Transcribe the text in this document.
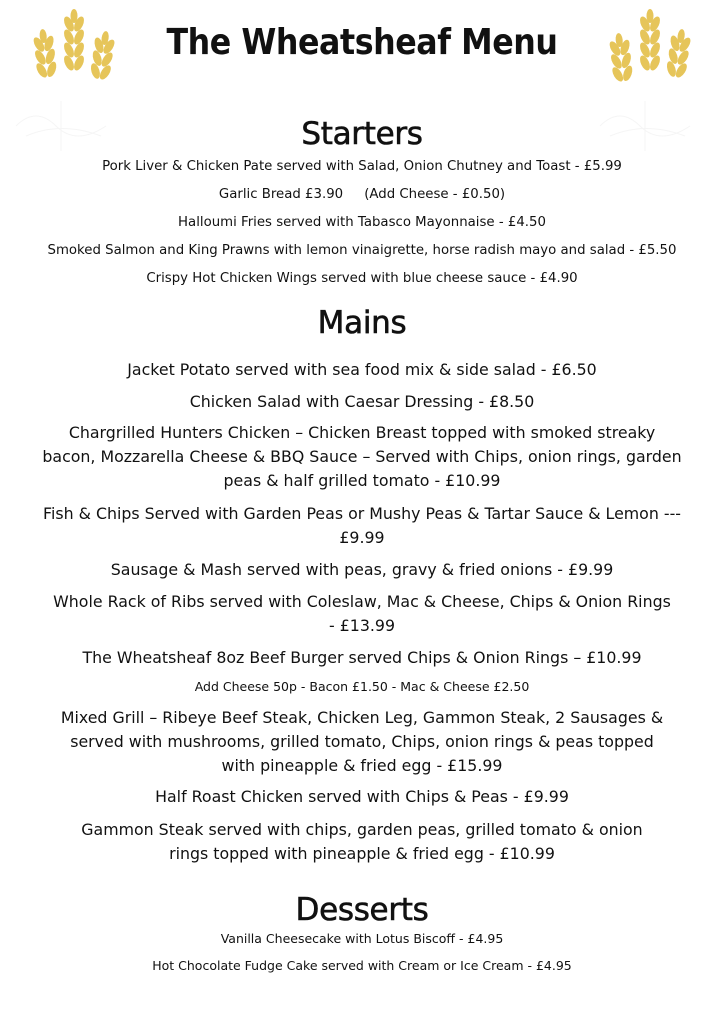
The Wheatsheaf Menu
Starters
Pork Liver & Chicken Pate served with Salad, Onion Chutney and Toast - £5.99
Garlic Bread £3.90     (Add Cheese - £0.50)
Halloumi Fries served with Tabasco Mayonnaise - £4.50
Smoked Salmon and King Prawns with lemon vinaigrette, horse radish mayo and salad - £5.50
Crispy Hot Chicken Wings served with blue cheese sauce - £4.90
Mains
Jacket Potato served with sea food mix & side salad - £6.50
Chicken Salad with Caesar Dressing - £8.50
Chargrilled Hunters Chicken – Chicken Breast topped with smoked streaky bacon, Mozzarella Cheese & BBQ Sauce – Served with Chips, onion rings, garden peas & half grilled tomato - £10.99
Fish & Chips Served with Garden Peas or Mushy Peas & Tartar Sauce & Lemon --- £9.99
Sausage & Mash served with peas, gravy & fried onions - £9.99
Whole Rack of Ribs served with Coleslaw, Mac & Cheese, Chips & Onion Rings - £13.99
The Wheatsheaf 8oz Beef Burger served Chips & Onion Rings – £10.99
Add Cheese 50p - Bacon £1.50 - Mac & Cheese £2.50
Mixed Grill – Ribeye Beef Steak, Chicken Leg, Gammon Steak, 2 Sausages & served with mushrooms, grilled tomato, Chips, onion rings & peas topped with pineapple & fried egg - £15.99
Half Roast Chicken served with Chips & Peas - £9.99
Gammon Steak served with chips, garden peas, grilled tomato & onion rings topped with pineapple & fried egg - £10.99
Desserts
Vanilla Cheesecake with Lotus Biscoff - £4.95
Hot Chocolate Fudge Cake served with Cream or Ice Cream - £4.95
